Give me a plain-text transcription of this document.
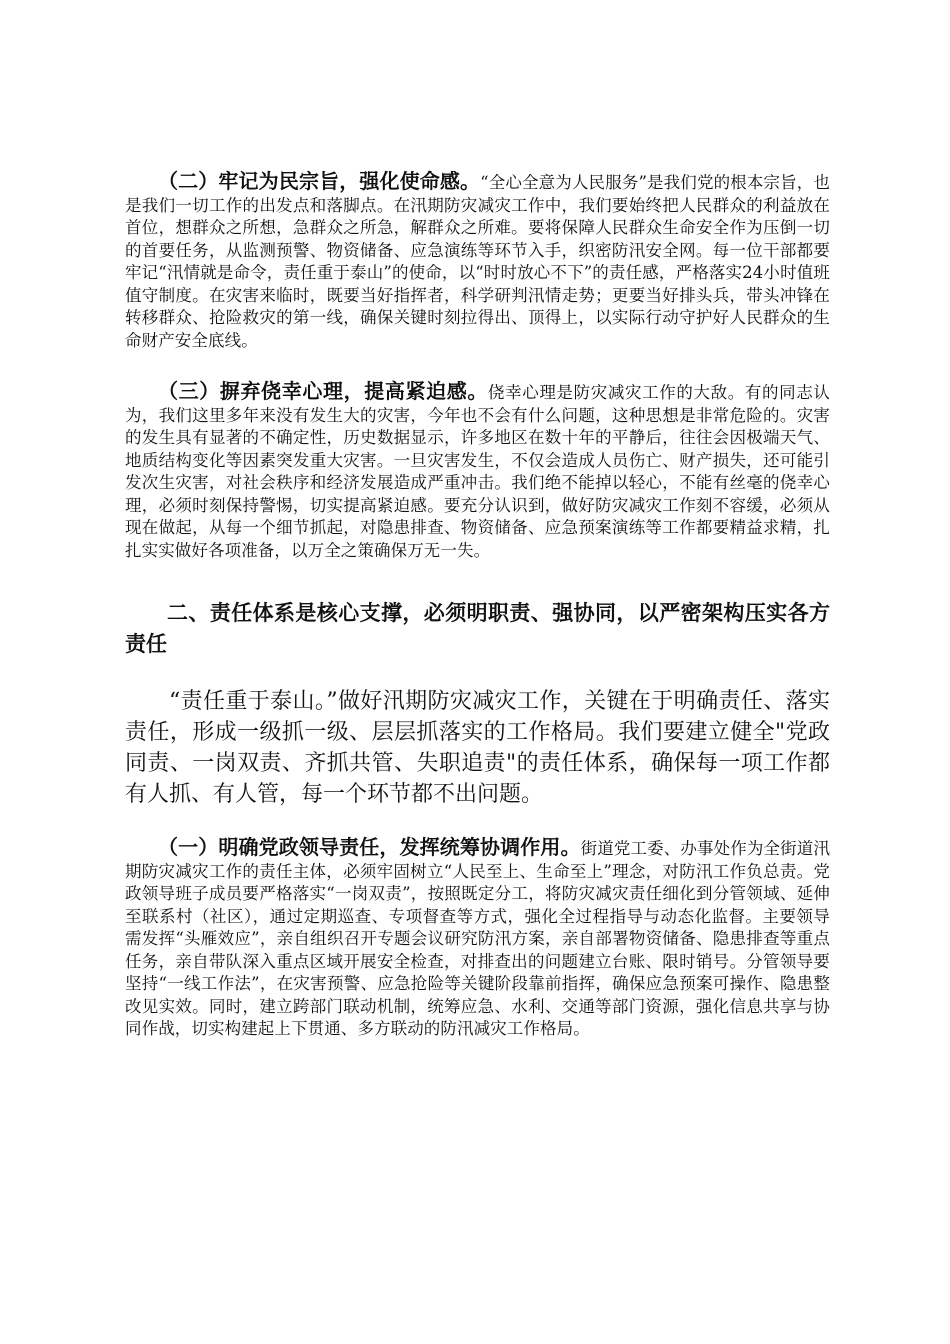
（二）牢记为民宗旨，强化使命感。“全心全意为人民服务”是我们党的根本宗旨，也是我们一切工作的出发点和落脚点。在汛期防灾减灾工作中，我们要始终把人民群众的利益放在首位，想群众之所想，急群众之所急，解群众之所难。要将保障人民群众生命安全作为压倒一切的首要任务，从监测预警、物资储备、应急演练等环节入手，织密防汛安全网。每一位干部都要牢记“汛情就是命令，责任重于泰山”的使命，以“时时放心不下”的责任感，严格落实24小时值班值守制度。在灾害来临时，既要当好指挥者，科学研判汛情走势；更要当好排头兵，带头冲锋在转移群众、抢险救灾的第一线，确保关键时刻拉得出、顶得上，以实际行动守护好人民群众的生命财产安全底线。

（三）摒弃侥幸心理，提高紧迫感。侥幸心理是防灾减灾工作的大敌。有的同志认为，我们这里多年来没有发生大的灾害，今年也不会有什么问题，这种思想是非常危险的。灾害的发生具有显著的不确定性，历史数据显示，许多地区在数十年的平静后，往往会因极端天气、地质结构变化等因素突发重大灾害。一旦灾害发生，不仅会造成人员伤亡、财产损失，还可能引发次生灾害，对社会秩序和经济发展造成严重冲击。我们绝不能掉以轻心，不能有丝毫的侥幸心理，必须时刻保持警惕，切实提高紧迫感。要充分认识到，做好防灾减灾工作刻不容缓，必须从现在做起，从每一个细节抓起，对隐患排查、物资储备、应急预案演练等工作都要精益求精，扎扎实实做好各项准备，以万全之策确保万无一失。

二、责任体系是核心支撑，必须明职责、强协同，以严密架构压实各方责任

“责任重于泰山。”做好汛期防灾减灾工作，关键在于明确责任、落实责任，形成一级抓一级、层层抓落实的工作格局。我们要建立健全"党政同责、一岗双责、齐抓共管、失职追责"的责任体系，确保每一项工作都有人抓、有人管，每一个环节都不出问题。

（一）明确党政领导责任，发挥统筹协调作用。街道党工委、办事处作为全街道汛期防灾减灾工作的责任主体，必须牢固树立“人民至上、生命至上”理念，对防汛工作负总责。党政领导班子成员要严格落实“一岗双责”，按照既定分工，将防灾减灾责任细化到分管领域、延伸至联系村（社区），通过定期巡查、专项督查等方式，强化全过程指导与动态化监督。主要领导需发挥“头雁效应”，亲自组织召开专题会议研究防汛方案，亲自部署物资储备、隐患排查等重点任务，亲自带队深入重点区域开展安全检查，对排查出的问题建立台账、限时销号。分管领导要坚持“一线工作法”，在灾害预警、应急抢险等关键阶段靠前指挥，确保应急预案可操作、隐患整改见实效。同时，建立跨部门联动机制，统筹应急、水利、交通等部门资源，强化信息共享与协同作战，切实构建起上下贯通、多方联动的防汛减灾工作格局。
